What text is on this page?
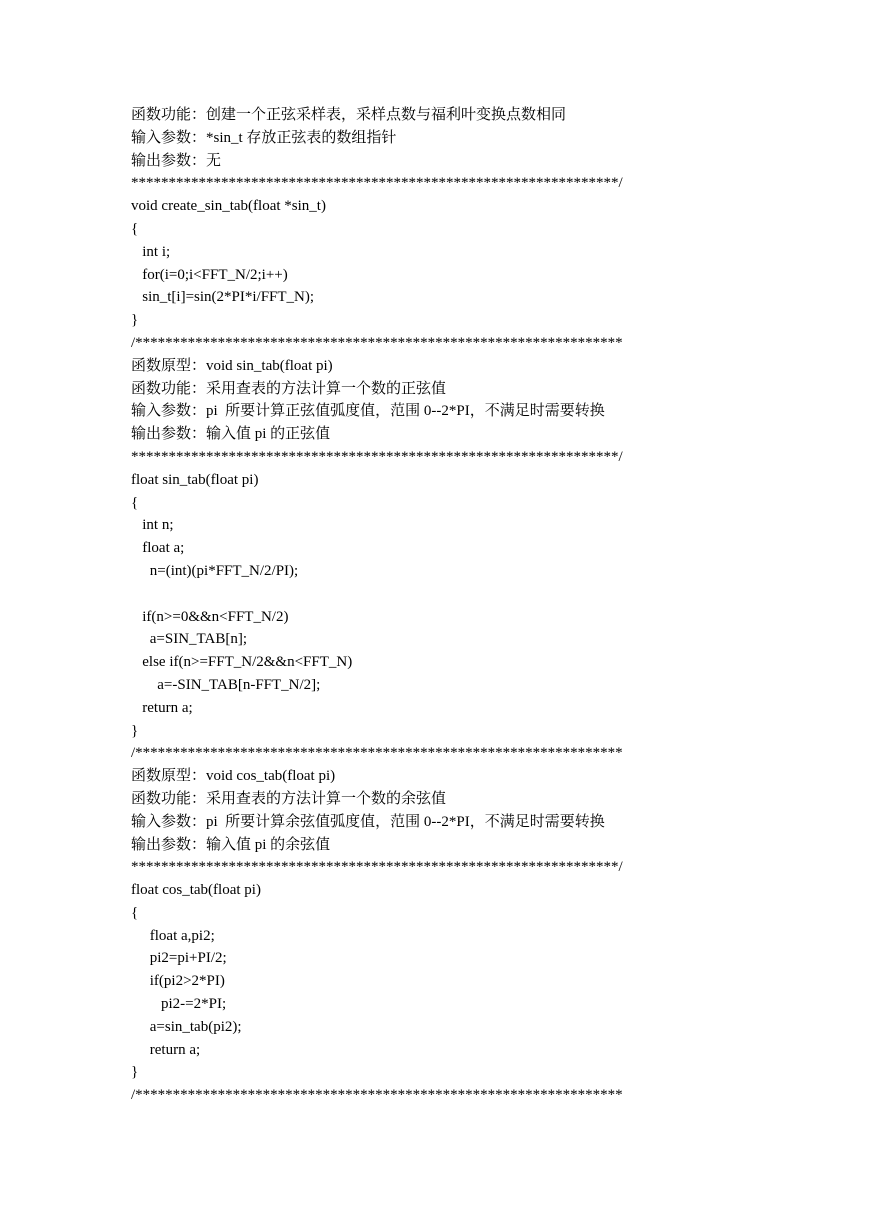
函数功能：创建一个正弦采样表，采样点数与福利叶变换点数相同
输入参数：*sin_t 存放正弦表的数组指针
输出参数：无
*****************************************************************/
void create_sin_tab(float *sin_t)
{
int i;
for(i=0;i<FFT_N/2;i++)
sin_t[i]=sin(2*PI*i/FFT_N);
}
/*****************************************************************
函数原型：void sin_tab(float pi)
函数功能：采用查表的方法计算一个数的正弦值
输入参数：pi  所要计算正弦值弧度值，范围 0--2*PI，不满足时需要转换
输出参数：输入值 pi 的正弦值
*****************************************************************/
float sin_tab(float pi)
{
int n;
float a;
n=(int)(pi*FFT_N/2/PI);
if(n>=0&&n<FFT_N/2)
a=SIN_TAB[n];
else if(n>=FFT_N/2&&n<FFT_N)
a=-SIN_TAB[n-FFT_N/2];
return a;
}
/*****************************************************************
函数原型：void cos_tab(float pi)
函数功能：采用查表的方法计算一个数的余弦值
输入参数：pi  所要计算余弦值弧度值，范围 0--2*PI，不满足时需要转换
输出参数：输入值 pi 的余弦值
*****************************************************************/
float cos_tab(float pi)
{
float a,pi2;
pi2=pi+PI/2;
if(pi2>2*PI)
pi2-=2*PI;
a=sin_tab(pi2);
return a;
}
/*****************************************************************
